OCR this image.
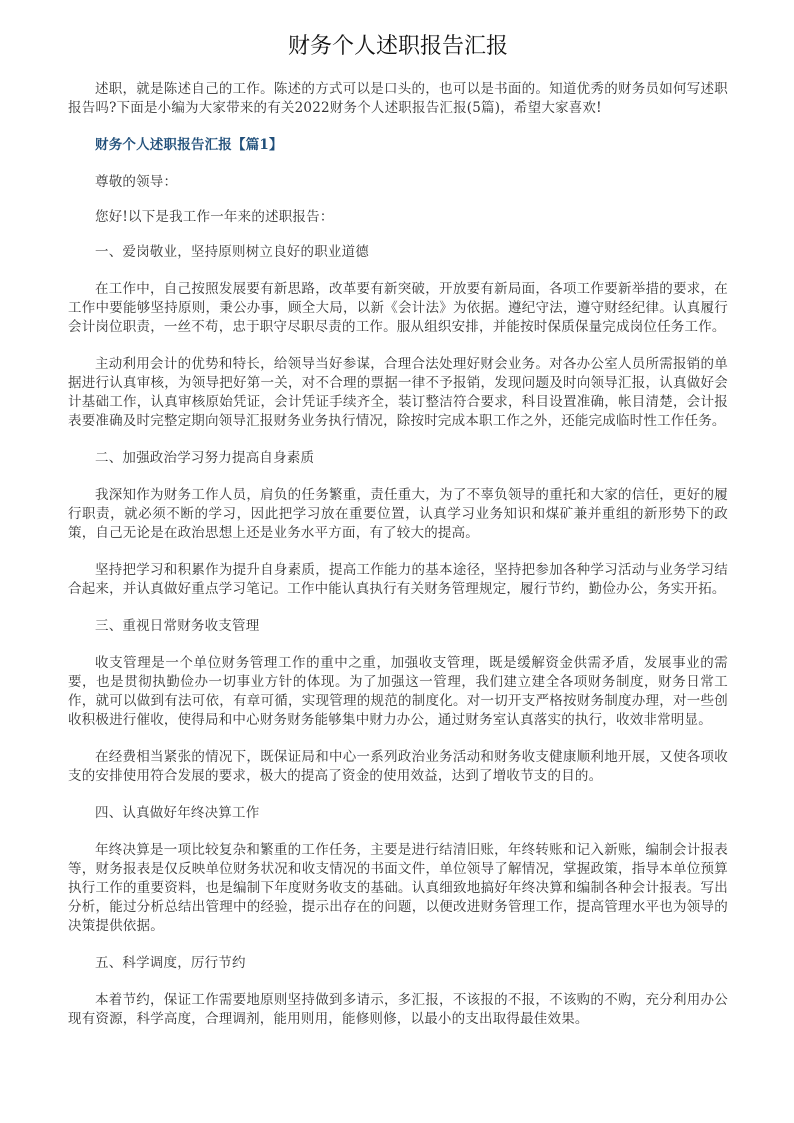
财务个人述职报告汇报

述职，就是陈述自己的工作。陈述的方式可以是口头的，也可以是书面的。知道优秀的财务员如何写述职报告吗?下面是小编为大家带来的有关2022财务个人述职报告汇报(5篇)，希望大家喜欢!

财务个人述职报告汇报【篇1】

尊敬的领导：

您好!以下是我工作一年来的述职报告：

一、爱岗敬业，坚持原则树立良好的职业道德

在工作中，自己按照发展要有新思路，改革要有新突破，开放要有新局面，各项工作要新举措的要求，在工作中要能够坚持原则，秉公办事，顾全大局，以新《会计法》为依据。遵纪守法，遵守财经纪律。认真履行会计岗位职责，一丝不苟，忠于职守尽职尽责的工作。服从组织安排，并能按时保质保量完成岗位任务工作。

主动利用会计的优势和特长，给领导当好参谋，合理合法处理好财会业务。对各办公室人员所需报销的单据进行认真审核，为领导把好第一关，对不合理的票据一律不予报销，发现问题及时向领导汇报，认真做好会计基础工作，认真审核原始凭证，会计凭证手续齐全，装订整洁符合要求，科目设置准确，帐目清楚，会计报表要准确及时完整定期向领导汇报财务业务执行情况，除按时完成本职工作之外，还能完成临时性工作任务。

二、加强政治学习努力提高自身素质

我深知作为财务工作人员，肩负的任务繁重，责任重大，为了不辜负领导的重托和大家的信任，更好的履行职责，就必须不断的学习，因此把学习放在重要位置，认真学习业务知识和煤矿兼并重组的新形势下的政策，自己无论是在政治思想上还是业务水平方面，有了较大的提高。

坚持把学习和积累作为提升自身素质，提高工作能力的基本途径，坚持把参加各种学习活动与业务学习结合起来，并认真做好重点学习笔记。工作中能认真执行有关财务管理规定，履行节约，勤俭办公，务实开拓。

三、重视日常财务收支管理

收支管理是一个单位财务管理工作的重中之重，加强收支管理，既是缓解资金供需矛盾，发展事业的需要，也是贯彻执勤俭办一切事业方针的体现。为了加强这一管理，我们建立建全各项财务制度，财务日常工作，就可以做到有法可依，有章可循，实现管理的规范的制度化。对一切开支严格按财务制度办理，对一些创收积极进行催收，使得局和中心财务财务能够集中财力办公，通过财务室认真落实的执行，收效非常明显。

在经费相当紧张的情况下，既保证局和中心一系列政治业务活动和财务收支健康顺利地开展，又使各项收支的安排使用符合发展的要求，极大的提高了资金的使用效益，达到了增收节支的目的。

四、认真做好年终决算工作

年终决算是一项比较复杂和繁重的工作任务，主要是进行结清旧账，年终转账和记入新账，编制会计报表等，财务报表是仅反映单位财务状况和收支情况的书面文件，单位领导了解情况，掌握政策，指导本单位预算执行工作的重要资料，也是编制下年度财务收支的基础。认真细致地搞好年终决算和编制各种会计报表。写出分析，能过分析总结出管理中的经验，提示出存在的问题，以便改进财务管理工作，提高管理水平也为领导的决策提供依据。

五、科学调度，厉行节约

本着节约，保证工作需要地原则坚持做到多请示，多汇报，不该报的不报，不该购的不购，充分利用办公现有资源，科学高度，合理调剂，能用则用，能修则修，以最小的支出取得最佳效果。
